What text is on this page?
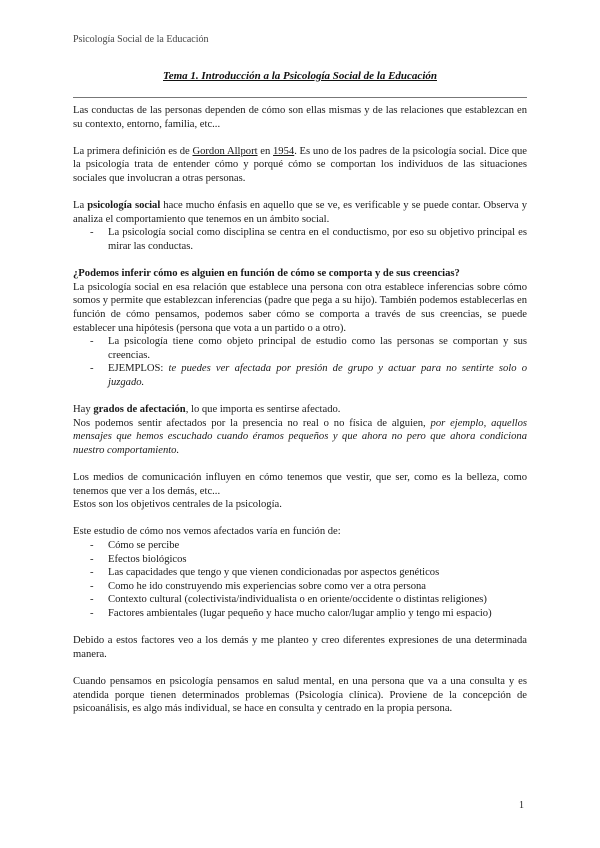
Psicología Social de la Educación
Tema 1. Introducción a la Psicología Social de la Educación

Las conductas de las personas dependen de cómo son ellas mismas y de las relaciones que establezcan en su contexto, entorno, familia, etc...

La primera definición es de Gordon Allport en 1954. Es uno de los padres de la psicología social. Dice que la psicología trata de entender cómo y porqué cómo se comportan los individuos de las situaciones sociales que involucran a otras personas.

La psicología social hace mucho énfasis en aquello que se ve, es verificable y se puede contar. Observa y analiza el comportamiento que tenemos en un ámbito social.

- La psicología social como disciplina se centra en el conductismo, por eso su objetivo principal es mirar las conductas.

¿Podemos inferir cómo es alguien en función de cómo se comporta y de sus creencias?

La psicología social en esa relación que establece una persona con otra establece inferencias sobre cómo somos y permite que establezcan inferencias (padre que pega a su hijo). También podemos establecerlas en función de cómo pensamos, podemos saber cómo se comporta a través de sus creencias, se puede establecer una hipótesis (persona que vota a un partido o a otro).

- La psicología tiene como objeto principal de estudio como las personas se comportan y sus creencias.
- EJEMPLOS: te puedes ver afectada por presión de grupo y actuar para no sentirte solo o juzgado.

Hay grados de afectación, lo que importa es sentirse afectado.

Nos podemos sentir afectados por la presencia no real o no física de alguien, por ejemplo, aquellos mensajes que hemos escuchado cuando éramos pequeños y que ahora no pero que ahora condiciona nuestro comportamiento.

Los medios de comunicación influyen en cómo tenemos que vestir, que ser, como es la belleza, como tenemos que ver a los demás, etc...

Estos son los objetivos centrales de la psicología.

Este estudio de cómo nos vemos afectados varía en función de:

- Cómo se percibe
- Efectos biológicos
- Las capacidades que tengo y que vienen condicionadas por aspectos genéticos
- Como he ido construyendo mis experiencias sobre como ver a otra persona
- Contexto cultural (colectivista/individualista o en oriente/occidente o distintas religiones)
- Factores ambientales (lugar pequeño y hace mucho calor/lugar amplio y tengo mi espacio)

Debido a estos factores veo a los demás y me planteo y creo diferentes expresiones de una determinada manera.

Cuando pensamos en psicología pensamos en salud mental, en una persona que va a una consulta y es atendida porque tienen determinados problemas (Psicología clínica). Proviene de la concepción de psicoanálisis, es algo más individual, se hace en consulta y centrado en la propia persona.

1
